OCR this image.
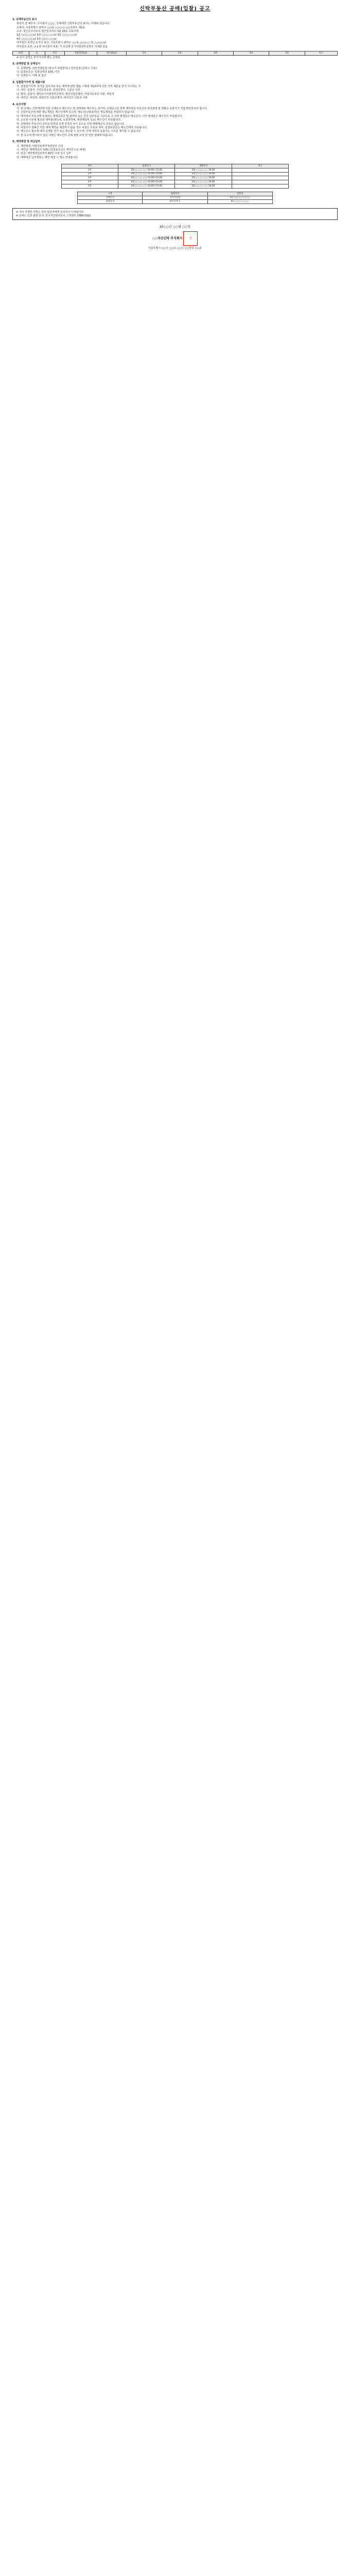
신탁부동산 공매(입찰) 공고
1. 공매부동산의 표시
위탁자 겸 채무자: 주식회사 ○○○, 공매대상 신탁부동산의 표시는 아래와 같습니다.
소재지: 서울특별시 관악구 ○○동 ○○○-○ ○○아파트 제1동
구조: 철근콘크리트조 철근콘크리트지붕 15층 공동주택
1층 ○○○.○○㎡ 2층 ○○○.○○㎡ 3층 ○○○.○○㎡
4층 ○○○.○○㎡ 5층 ○○○.○○㎡
대지권의 목적인 토지의 표시: 서울특별시 관악구 ○○동 ○○○-○ 대 ○,○○○㎡
대지권의 종류: 소유권 대지권의 비율: 각 호실별 등기사항전부증명서 기재와 같음
순번	동	호수	전용면적(㎡)	대지권(㎡)	1차	2차	3차	4차	5차	비고
※ 상기 금액은 부가가치세 별도 금액임
2. 공매방법 및 공매일시
가. 공매방법: 일반경쟁입찰 (최고가 낙찰방식) / 전자입찰 (온비드 이용)
나. 입찰보증금: 입찰금액의 10% 이상
다. 공매일시: 아래 표 참조
3. 입찰참가자격 및 제출서류
가. 입찰참가자격: 국가를 당사자로 하는 계약에 관한 법률 시행령 제12조에 의한 자격 제한을 받지 아니하는 자
나. 개인: 입찰서, 주민등록등본, 인감증명서, 신분증 사본
다. 법인: 입찰서, 법인등기사항전부증명서, 법인인감증명서, 사업자등록증 사본, 위임장
라. 대리인: 위임장, 위임인의 인감증명서, 대리인의 신분증 사본
4. 유의사항
가. 본 공매는 신탁계약에 의한 공매로서 매수인은 현 상태대로 매수하는 것이며, 공매공고일 현재 매각대상 부동산의 권리관계 및 현황은 응찰자가 직접 확인하여야 합니다.
나. 신탁부동산에 대한 명도책임은 매수인에게 있으며, 매도인(신탁회사)은 명도책임을 부담하지 않습니다.
다. 매각대상 부동산에 부과되는 제세공과금 및 관리비 등은 잔금 납부일을 기준으로 그 이전 발생분은 매도인이, 이후 발생분은 매수인이 부담합니다.
라. 소유권 이전에 필요한 제비용(취득세, 등록면허세, 채권매입비 등)은 매수인이 부담합니다.
마. 공매대상 부동산의 공부상 면적과 실제 면적의 차이 등으로 인한 매매대금의 증감은 없습니다.
바. 낙찰자가 정해진 기한 내에 계약을 체결하지 않을 경우 낙찰은 무효로 하며, 입찰보증금은 매도인에게 귀속됩니다.
사. 매도인은 필요에 따라 공매를 연기 또는 취소할 수 있으며, 이에 대하여 응찰자는 이의를 제기할 수 없습니다.
아. 본 공고에 명시되지 않은 사항은 매도인의 공매 관련 규정 및 일반 관례에 따릅니다.
5. 계약체결 및 대금납부
가. 계약체결: 낙찰일로부터 5영업일 이내
나. 계약금: 매매대금의 10% (입찰보증금은 계약금으로 대체)
다. 잔금: 계약체결일로부터 60일 이내 일시 납부
라. 매매대금 납부계좌는 계약 체결 시 별도 안내합니다.
차수	입찰일시	개찰일시	비고
1차	20○○.○○.○○ 10:00~15:00	20○○.○○.○○ 16:00	
2차	20○○.○○.○○ 10:00~15:00	20○○.○○.○○ 16:00	
3차	20○○.○○.○○ 10:00~15:00	20○○.○○.○○ 16:00	
4차	20○○.○○.○○ 10:00~15:00	20○○.○○.○○ 16:00	
5차	20○○.○○.○○ 10:00~15:00	20○○.○○.○○ 16:00	
구분	담당부서	연락처
공매문의	신탁사업팀	02-○○○○-○○○○
현장문의	관리사무소	02-○○○-○○○○
※ 기타 자세한 사항은 당사 담당자에게 문의하시기 바랍니다.
※ 온비드 입찰 관련 문의: 한국자산관리공사 고객센터 1588-5321
20○○년 ○○월 ○○일
○○자산신탁 주식회사	인
서울특별시 ○○구 ○○로 ○○○ ○○빌딩 ○○층
